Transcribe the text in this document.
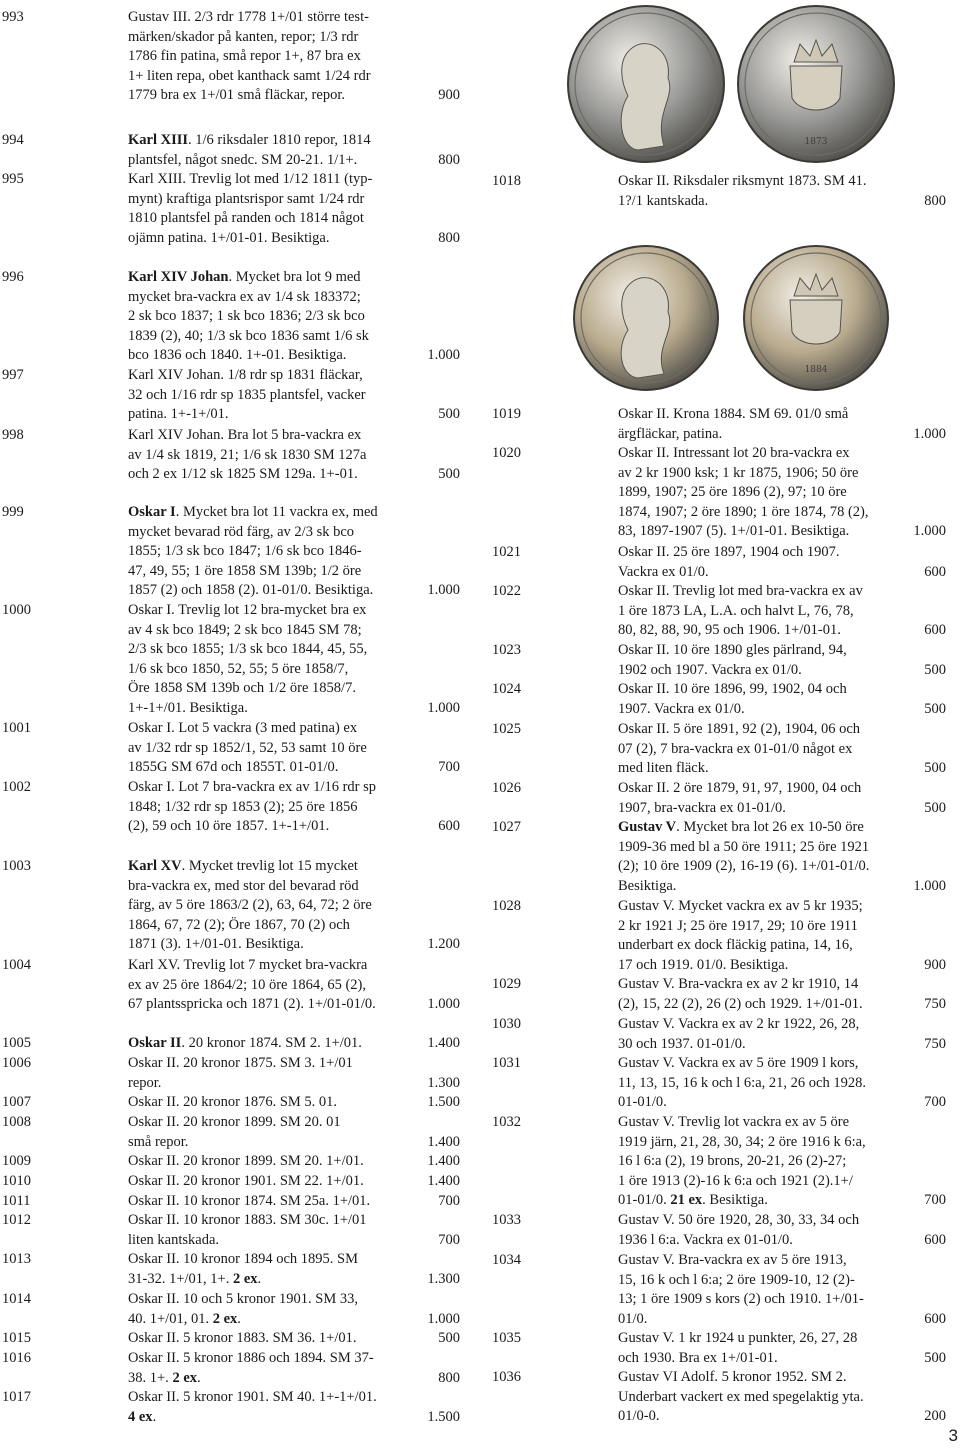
993	Gustav III. 2/3 rdr 1778 1+/01 större test-
märken/skador på kanten, repor; 1/3 rdr
1786 fin patina, små repor 1+, 87 bra ex
1+ liten repa, obet kanthack samt 1/24 rdr
1779 bra ex 1+/01 små fläckar, repor.	900
994	Karl XIII. 1/6 riksdaler 1810 repor, 1814
plantsfel, något snedc. SM 20-21. 1/1+.	800
995	Karl XIII. Trevlig lot med 1/12 1811 (typ-
mynt) kraftiga plantsrispor samt 1/24 rdr
1810 plantsfel på randen och 1814 något
ojämn patina. 1+/01-01. Besiktiga.	800
996	Karl XIV Johan. Mycket bra lot 9 med
mycket bra-vackra ex av 1/4 sk 183372;
2 sk bco 1837; 1 sk bco 1836; 2/3 sk bco
1839 (2), 40; 1/3 sk bco 1836 samt 1/6 sk
bco 1836 och 1840. 1+-01. Besiktiga.	1.000
997	Karl XIV Johan. 1/8 rdr sp 1831 fläckar,
32 och 1/16 rdr sp 1835 plantsfel, vacker
patina. 1+-1+/01.	500
998	Karl XIV Johan. Bra lot 5 bra-vackra ex
av 1/4 sk 1819, 21; 1/6 sk 1830 SM 127a
och 2 ex 1/12 sk 1825 SM 129a. 1+-01.	500
999	Oskar I. Mycket bra lot 11 vackra ex, med
mycket bevarad röd färg, av 2/3 sk bco
1855; 1/3 sk bco 1847; 1/6 sk bco 1846-
47, 49, 55; 1 öre 1858 SM 139b; 1/2 öre
1857 (2) och 1858 (2). 01-01/0. Besiktiga.	1.000
1000	Oskar I. Trevlig lot 12 bra-mycket bra ex
av 4 sk bco 1849; 2 sk bco 1845 SM 78;
2/3 sk bco 1855; 1/3 sk bco 1844, 45, 55,
1/6 sk bco 1850, 52, 55; 5 öre 1858/7,
Öre 1858 SM 139b och 1/2 öre 1858/7.
1+-1+/01. Besiktiga.	1.000
1001	Oskar I. Lot 5 vackra (3 med patina) ex
av 1/32 rdr sp 1852/1, 52, 53 samt 10 öre
1855G SM 67d och 1855T. 01-01/0.	700
1002	Oskar I. Lot 7 bra-vackra ex av 1/16 rdr sp
1848; 1/32 rdr sp 1853 (2); 25 öre 1856
(2), 59 och 10 öre 1857. 1+-1+/01.	600
1003	Karl XV. Mycket trevlig lot 15 mycket
bra-vackra ex, med stor del bevarad röd
färg, av 5 öre 1863/2 (2), 63, 64, 72; 2 öre
1864, 67, 72 (2); Öre 1867, 70 (2) och
1871 (3). 1+/01-01. Besiktiga.	1.200
1004	Karl XV. Trevlig lot 7 mycket bra-vackra
ex av 25 öre 1864/2; 10 öre 1864, 65 (2),
67 plantsspricka och 1871 (2). 1+/01-01/0.	1.000
1005	Oskar II. 20 kronor 1874. SM 2. 1+/01.	1.400
1006	Oskar II. 20 kronor 1875. SM 3. 1+/01
repor.	1.300
1007	Oskar II. 20 kronor 1876. SM 5. 01.	1.500
1008	Oskar II. 20 kronor 1899. SM 20. 01
små repor.	1.400
1009	Oskar II. 20 kronor 1899. SM 20. 1+/01.	1.400
1010	Oskar II. 20 kronor 1901. SM 22. 1+/01.	1.400
1011	Oskar II. 10 kronor 1874. SM 25a. 1+/01.	700
1012	Oskar II. 10 kronor 1883. SM 30c. 1+/01
liten kantskada.	700
1013	Oskar II. 10 kronor 1894 och 1895. SM
31-32. 1+/01, 1+. 2 ex.	1.300
1014	Oskar II. 10 och 5 kronor 1901. SM 33,
40. 1+/01, 01. 2 ex.	1.000
1015	Oskar II. 5 kronor 1883. SM 36. 1+/01.	500
1016	Oskar II. 5 kronor 1886 och 1894. SM 37-
38. 1+. 2 ex.	800
1017	Oskar II. 5 kronor 1901. SM 40. 1+-1+/01.
4 ex.	1.500
1018	Oskar II. Riksdaler riksmynt 1873. SM 41.
1?/1 kantskada.	800
1019	Oskar II. Krona 1884. SM 69. 01/0 små
ärgfläckar, patina.	1.000
1020	Oskar II. Intressant lot 20 bra-vackra ex
av 2 kr 1900 ksk; 1 kr 1875, 1906; 50 öre
1899, 1907; 25 öre 1896 (2), 97; 10 öre
1874, 1907; 2 öre 1890; 1 öre 1874, 78 (2),
83, 1897-1907 (5). 1+/01-01. Besiktiga.	1.000
1021	Oskar II. 25 öre 1897, 1904 och 1907.
Vackra ex 01/0.	600
1022	Oskar II. Trevlig lot med bra-vackra ex av
1 öre 1873 LA, L.A. och halvt L, 76, 78,
80, 82, 88, 90, 95 och 1906. 1+/01-01.	600
1023	Oskar II. 10 öre 1890 gles pärlrand, 94,
1902 och 1907. Vackra ex 01/0.	500
1024	Oskar II. 10 öre 1896, 99, 1902, 04 och
1907. Vackra ex 01/0.	500
1025	Oskar II. 5 öre 1891, 92 (2), 1904, 06 och
07 (2), 7 bra-vackra ex 01-01/0 något ex
med liten fläck.	500
1026	Oskar II. 2 öre 1879, 91, 97, 1900, 04 och
1907, bra-vackra ex 01-01/0.	500
1027	Gustav V. Mycket bra lot 26 ex 10-50 öre
1909-36 med bl a 50 öre 1911; 25 öre 1921
(2); 10 öre 1909 (2), 16-19 (6). 1+/01-01/0.
Besiktiga.	1.000
1028	Gustav V. Mycket vackra ex av 5 kr 1935;
2 kr 1921 J; 25 öre 1917, 29; 10 öre 1911
underbart ex dock fläckig patina, 14, 16,
17 och 1919. 01/0. Besiktiga.	900
1029	Gustav V. Bra-vackra ex av 2 kr 1910, 14
(2), 15, 22 (2), 26 (2) och 1929. 1+/01-01.	750
1030	Gustav V. Vackra ex av 2 kr 1922, 26, 28,
30 och 1937. 01-01/0.	750
1031	Gustav V. Vackra ex av 5 öre 1909 l kors,
11, 13, 15, 16 k och l 6:a, 21, 26 och 1928.
01-01/0.	700
1032	Gustav V. Trevlig lot vackra ex av 5 öre
1919 järn, 21, 28, 30, 34; 2 öre 1916 k 6:a,
16 l 6:a (2), 19 brons, 20-21, 26 (2)-27;
1 öre 1913 (2)-16 k 6:a och 1921 (2).1+/
01-01/0. 21 ex. Besiktiga.	700
1033	Gustav V. 50 öre 1920, 28, 30, 33, 34 och
1936 l 6:a. Vackra ex 01-01/0.	600
1034	Gustav V. Bra-vackra ex av 5 öre 1913,
15, 16 k och l 6:a; 2 öre 1909-10, 12 (2)-
13; 1 öre 1909 s kors (2) och 1910. 1+/01-
01/0.	600
1035	Gustav V. 1 kr 1924 u punkter, 26, 27, 28
och 1930. Bra ex 1+/01-01.	500
1036	Gustav VI Adolf. 5 kronor 1952. SM 2.
Underbart vackert ex med spegelaktig yta.
01/0-0.	200
1873
1884
3
